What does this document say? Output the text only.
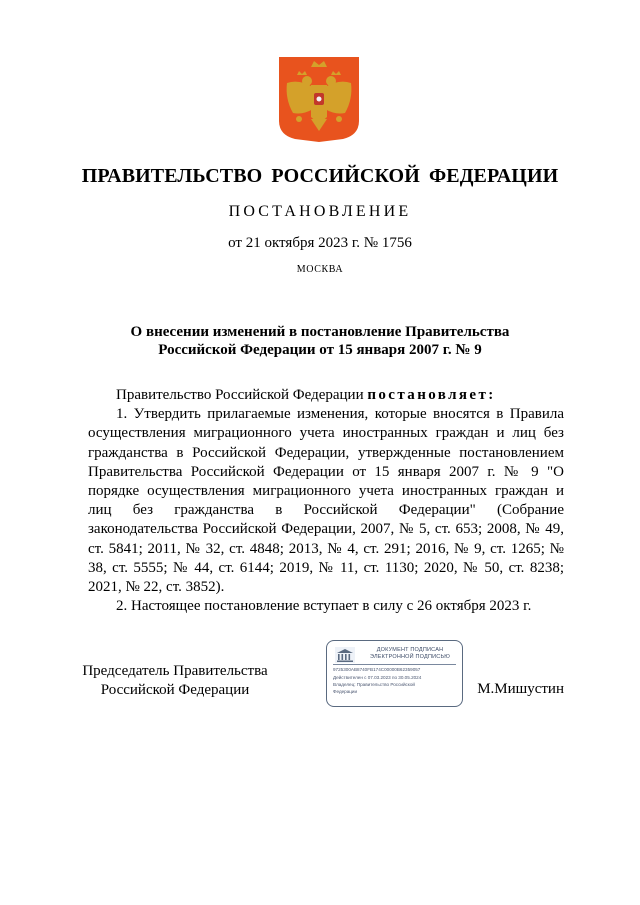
ПРАВИТЕЛЬСТВО РОССИЙСКОЙ ФЕДЕРАЦИИ
ПОСТАНОВЛЕНИЕ
от 21 октября 2023 г. № 1756
МОСКВА
О внесении изменений в постановление Правительства
Российской Федерации от 15 января 2007 г. № 9

Правительство Российской Федерации постановляет:

1. Утвердить прилагаемые изменения, которые вносятся в Правила осуществления миграционного учета иностранных граждан и лиц без гражданства в Российской Федерации, утвержденные постановлением Правительства Российской Федерации от 15 января 2007 г. № 9 "О порядке осуществления миграционного учета иностранных граждан и лиц без гражданства в Российской Федерации" (Собрание законодательства Российской Федерации, 2007, № 5, ст. 653; 2008, № 49, ст. 5841; 2011, № 32, ст. 4848; 2013, № 4, ст. 291; 2016, № 9, ст. 1265; № 38, ст. 5555; № 44, ст. 6144; 2019, № 11, ст. 1130; 2020, № 50, ст. 8238; 2021, № 22, ст. 3852).

2. Настоящее постановление вступает в силу с 26 октября 2023 г.

Председатель Правительства
Российской Федерации
ДОКУМЕНТ ПОДПИСАН
ЭЛЕКТРОННОЙ ПОДПИСЬЮ
9725300AB8740FB174C00000B62359057
Действителен с 07.03.2023 по 30.05.2024
Владелец: Правительство Российской
Федерации	М.Мишустин
